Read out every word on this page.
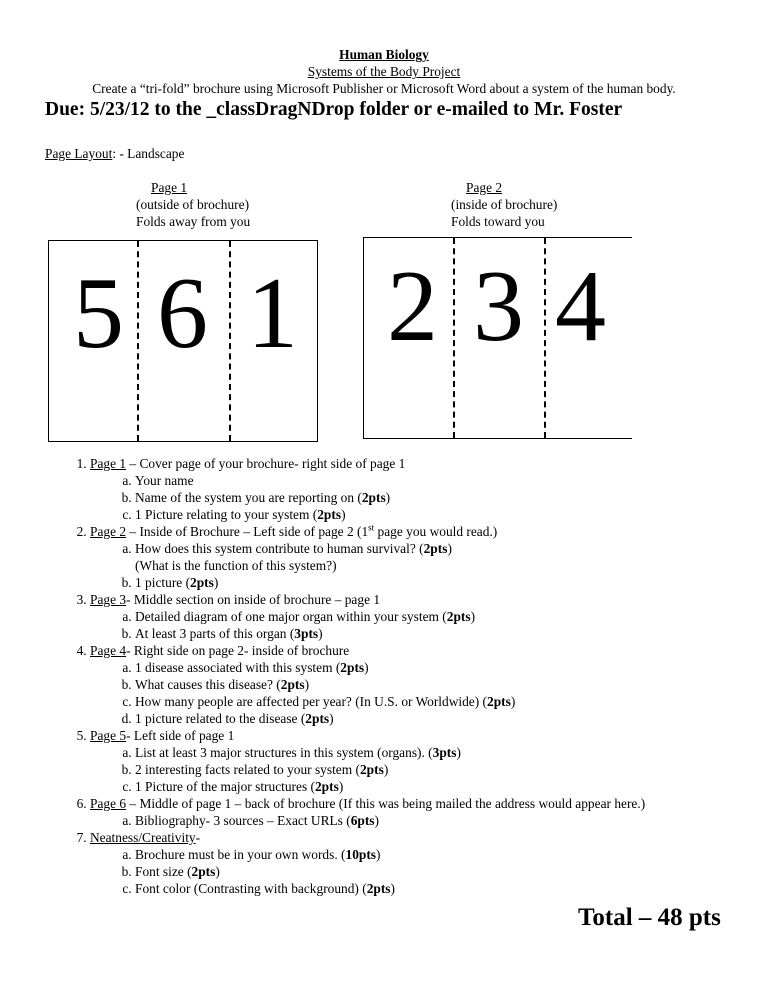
Human Biology
Systems of the Body Project
Create a “tri-fold” brochure using Microsoft Publisher or Microsoft Word about a system of the human body.
Due: 5/23/12 to the _classDragNDrop folder or e-mailed to Mr. Foster
Page Layout: - Landscape
Page 1
(outside of brochure)
Folds away from you
Page 2
(inside of brochure)
Folds toward you
5 6 1 2 3 4
1. Page 1 – Cover page of your brochure- right side of page 1
a. Your name
b. Name of the system you are reporting on (2pts)
c. 1 Picture relating to your system (2pts)
2. Page 2 – Inside of Brochure – Left side of page 2 (1st page you would read.)
a. How does this system contribute to human survival? (2pts)
(What is the function of this system?)
b. 1 picture (2pts)
3. Page 3- Middle section on inside of brochure – page 1
a. Detailed diagram of one major organ within your system (2pts)
b. At least 3 parts of this organ (3pts)
4. Page 4- Right side on page 2- inside of brochure
a. 1 disease associated with this system (2pts)
b. What causes this disease? (2pts)
c. How many people are affected per year? (In U.S. or Worldwide) (2pts)
d. 1 picture related to the disease (2pts)
5. Page 5- Left side of page 1
a. List at least 3 major structures in this system (organs). (3pts)
b. 2 interesting facts related to your system (2pts)
c. 1 Picture of the major structures (2pts)
6. Page 6 – Middle of page 1 – back of brochure (If this was being mailed the address would appear here.)
a. Bibliography- 3 sources – Exact URLs (6pts)
7. Neatness/Creativity-
a. Brochure must be in your own words. (10pts)
b. Font size (2pts)
c. Font color (Contrasting with background) (2pts)
Total – 48 pts
